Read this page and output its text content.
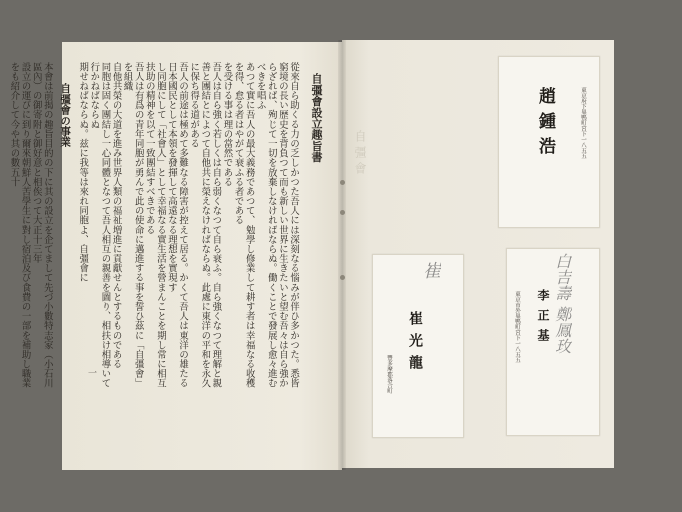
自彊會

自彊會設立趣旨書

從來自ら助くる力の乏しかつた吾人には深刻なる惱みが伴ひ多かつた。悉皆窮境の長い歴史を背負つて而も新しい世界に生きたいと望む吾々は自ら強からざれば、殉じて一切を放棄しなければならぬ。働くことで發展し愈々進むべきを唱ふ

あつて實に吾人の最大義務であつて、勉學し修業して耕す者は幸福なる收穫を得、怠る者はやがて衰ふる者である

を受ける事は理の當然である

吾人は自ら強く若しくは自ら弱くなつて自ら衰ふ。自ら強くなつて理解と親善と團結とによつて自他共に榮えなければならぬ。此處に東洋の平和を永久に保ち得る道がある

吾人の前途は極めて多難なる障害が控えて居る。かくて吾人は東洋の雄たる日本國民として本領を發揮して高遠なる理想を實現す

し同胞にして「社會人」として幸福なる實生活を營まんことを期し常に相互扶助の精神を以て一致團結すべきである

吾人は有爲の青年同胞が勇んで此の使命に邁進する事を誓ひ茲に「自彊會」を組織

自他共榮の大道を進み世界人類の福祉増進に貢獻せんとするものである

同胞は固く團結し一心同體となつて吾人相互の親善を圖り、相扶け相導いて行かねばならぬ

期せねばならぬ。兹に我等は來れ同胞よ、自彊會に

自彊會の事業

本會は前揭の趣旨目的の下に其の設立を企てまして先づ小數特志家（小石川區內）の御寄附と御好意と相俟つて大正十三年

設立の運びに到り爾來朝鮮人苦學生に對し宿泊及び食費の一部を補助し職業をも紹介して今や其の數五十

一
趙鍾浩	東京府下巢鴨町宮下一八五五
崔
崔光龍
豐多摩郡落合町
白吉壽 鄭鳳玫
李正基
東京市外巢鴨町宮下一八五五
